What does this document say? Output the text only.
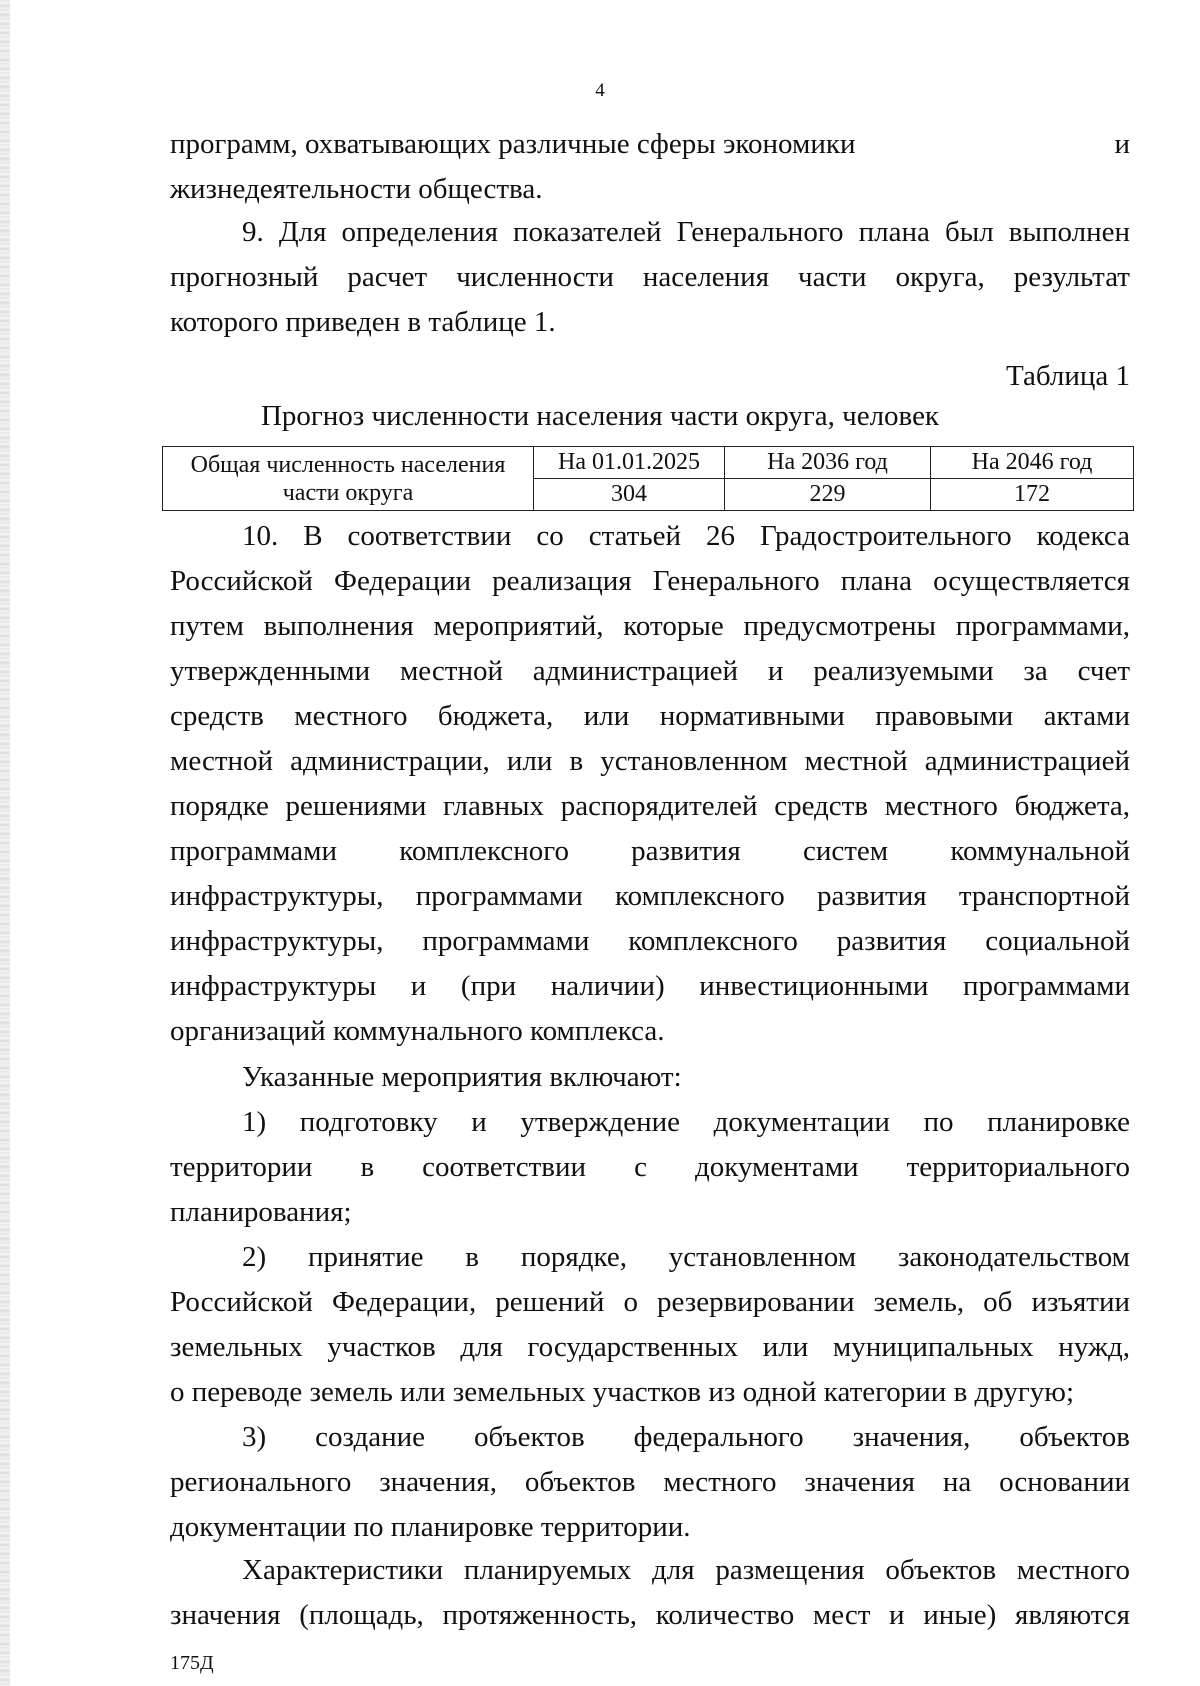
4
программ, охватывающих различные сферы экономики	и
жизнедеятельности общества.
9. Для определения показателей Генерального плана был выполнен
прогнозный расчет численности населения части округа, результат
которого приведен в таблице 1.
Таблица 1
Прогноз численности населения части округа, человек
Общая численность населения части округа	На 01.01.2025	На 2036 год	На 2046 год
	304	229	172
10. В соответствии со статьей 26 Градостроительного кодекса
Российской Федерации реализация Генерального плана осуществляется
путем выполнения мероприятий, которые предусмотрены программами,
утвержденными местной администрацией и реализуемыми за счет
средств местного бюджета, или нормативными правовыми актами
местной администрации, или в установленном местной администрацией
порядке решениями главных распорядителей средств местного бюджета,
программами комплексного развития систем коммунальной
инфраструктуры, программами комплексного развития транспортной
инфраструктуры, программами комплексного развития социальной
инфраструктуры и (при наличии) инвестиционными программами
организаций коммунального комплекса.
Указанные мероприятия включают:
1) подготовку и утверждение документации по планировке
территории в соответствии с документами территориального
планирования;
2) принятие в порядке, установленном законодательством
Российской Федерации, решений о резервировании земель, об изъятии
земельных участков для государственных или муниципальных нужд,
о переводе земель или земельных участков из одной категории в другую;
3) создание объектов федерального значения, объектов
регионального значения, объектов местного значения на основании
документации по планировке территории.
Характеристики планируемых для размещения объектов местного
значения (площадь, протяженность, количество мест и иные) являются
175Д
